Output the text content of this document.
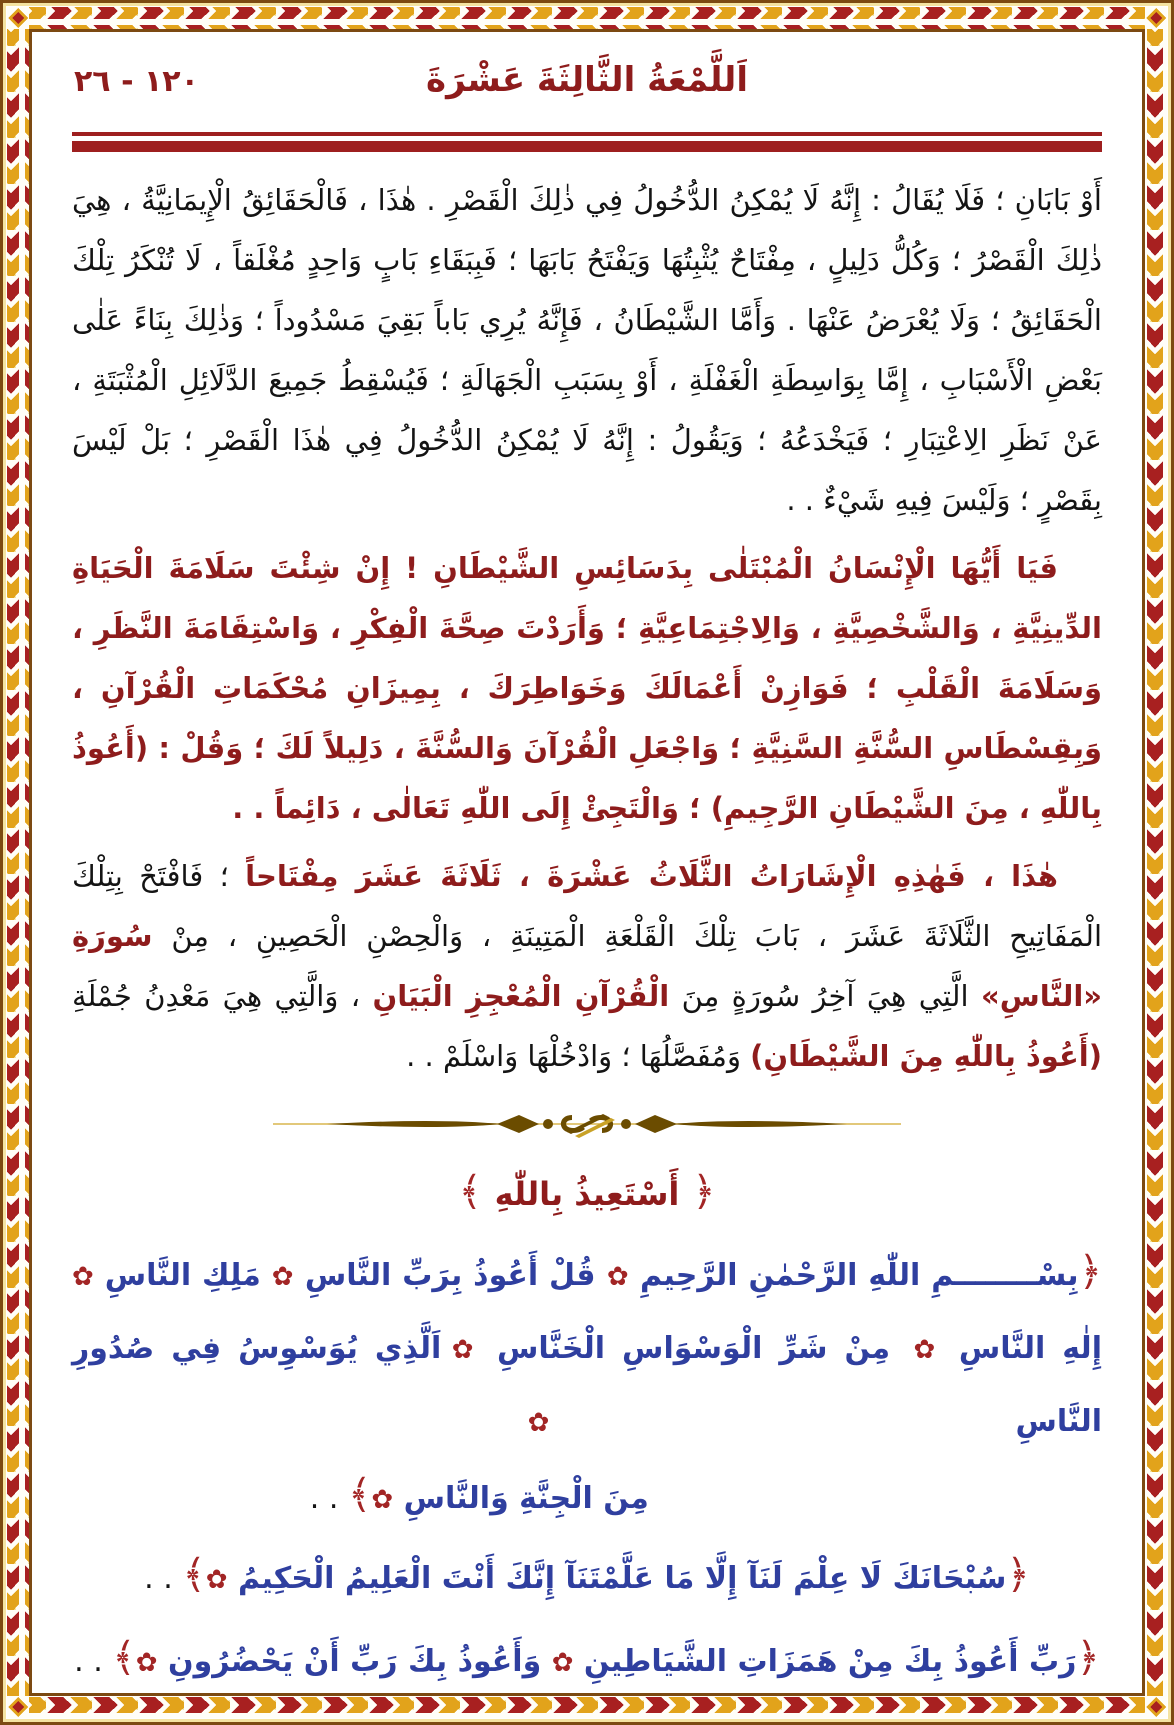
١٢٠ - ٢٦	اَللَّمْعَةُ الثَّالِثَةَ عَشْرَةَ

أَوْ بَابَانِ ؛ فَلَا يُقَالُ : إِنَّهُ لَا يُمْكِنُ الدُّخُولُ فِي ذٰلِكَ الْقَصْرِ . هٰذَا ، فَالْحَقَائِقُ الْإِيمَانِيَّةُ ، هِيَ ذٰلِكَ الْقَصْرُ ؛ وَكُلُّ دَلِيلٍ ، مِفْتَاحٌ يُثْبِتُهَا وَيَفْتَحُ بَابَهَا ؛ فَبِبَقَاءِ بَابٍ وَاحِدٍ مُغْلَقاً ، لَا تُنْكَرُ تِلْكَ الْحَقَائِقُ ؛ وَلَا يُعْرَضُ عَنْهَا . وَأَمَّا الشَّيْطَانُ ، فَإِنَّهُ يُرِي بَاباً بَقِيَ مَسْدُوداً ؛ وَذٰلِكَ بِنَاءً عَلٰى بَعْضِ الْأَسْبَابِ ، إِمَّا بِوَاسِطَةِ الْغَفْلَةِ ، أَوْ بِسَبَبِ الْجَهَالَةِ ؛ فَيُسْقِطُ جَمِيعَ الدَّلَائِلِ الْمُثْبَتَةِ ، عَنْ نَظَرِ الِاعْتِبَارِ ؛ فَيَخْدَعُهُ ؛ وَيَقُولُ : إِنَّهُ لَا يُمْكِنُ الدُّخُولُ فِي هٰذَا الْقَصْرِ ؛ بَلْ لَيْسَ بِقَصْرٍ ؛ وَلَيْسَ فِيهِ شَيْءٌ . .

فَيَا أَيُّهَا الْإِنْسَانُ الْمُبْتَلٰى بِدَسَائِسِ الشَّيْطَانِ ! إِنْ شِئْتَ سَلَامَةَ الْحَيَاةِ الدِّينِيَّةِ ، وَالشَّخْصِيَّةِ ، وَالِاجْتِمَاعِيَّةِ ؛ وَأَرَدْتَ صِحَّةَ الْفِكْرِ ، وَاسْتِقَامَةَ النَّظَرِ ، وَسَلَامَةَ الْقَلْبِ ؛ فَوَازِنْ أَعْمَالَكَ وَخَوَاطِرَكَ ، بِمِيزَانِ مُحْكَمَاتِ الْقُرْآنِ ، وَبِقِسْطَاسِ السُّنَّةِ السَّنِيَّةِ ؛ وَاجْعَلِ الْقُرْآنَ وَالسُّنَّةَ ، دَلِيلاً لَكَ ؛ وَقُلْ : (أَعُوذُ بِاللّٰهِ ، مِنَ الشَّيْطَانِ الرَّجِيمِ) ؛ وَالْتَجِئْ إِلَى اللّٰهِ تَعَالٰى ، دَائِماً . .

هٰذَا ، فَهٰذِهِ الْإِشَارَاتُ الثَّلَاثُ عَشْرَةَ ، ثَلَاثَةَ عَشَرَ مِفْتَاحاً ؛ فَافْتَحْ بِتِلْكَ الْمَفَاتِيحِ الثَّلَاثَةَ عَشَرَ ، بَابَ تِلْكَ الْقَلْعَةِ الْمَتِينَةِ ، وَالْحِصْنِ الْحَصِينِ ، مِنْ سُورَةِ «النَّاسِ» الَّتِي هِيَ آخِرُ سُورَةٍ مِنَ الْقُرْآنِ الْمُعْجِزِ الْبَيَانِ ، وَالَّتِي هِيَ مَعْدِنُ جُمْلَةِ (أَعُوذُ بِاللّٰهِ مِنَ الشَّيْطَانِ) وَمُفَصَّلُهَا ؛ وَادْخُلْهَا وَاسْلَمْ . .

﴿ أَسْتَعِيذُ بِاللّٰهِ ﴾
﴿بِسْــــــــمِ اللّٰهِ الرَّحْمٰنِ الرَّحِيمِ ✿ قُلْ أَعُوذُ بِرَبِّ النَّاسِ ✿ مَلِكِ النَّاسِ ✿
إِلٰهِ النَّاسِ ✿ مِنْ شَرِّ الْوَسْوَاسِ الْخَنَّاسِ ✿ اَلَّذِي يُوَسْوِسُ فِي صُدُورِ النَّاسِ ✿
مِنَ الْجِنَّةِ وَالنَّاسِ ✿﴾ . .
﴿سُبْحَانَكَ لَا عِلْمَ لَنَآ إِلَّا مَا عَلَّمْتَنَآ إِنَّكَ أَنْتَ الْعَلِيمُ الْحَكِيمُ ✿﴾ . .
﴿رَبِّ أَعُوذُ بِكَ مِنْ هَمَزَاتِ الشَّيَاطِينِ ✿ وَأَعُوذُ بِكَ رَبِّ أَنْ يَحْضُرُونِ ✿﴾ . .
